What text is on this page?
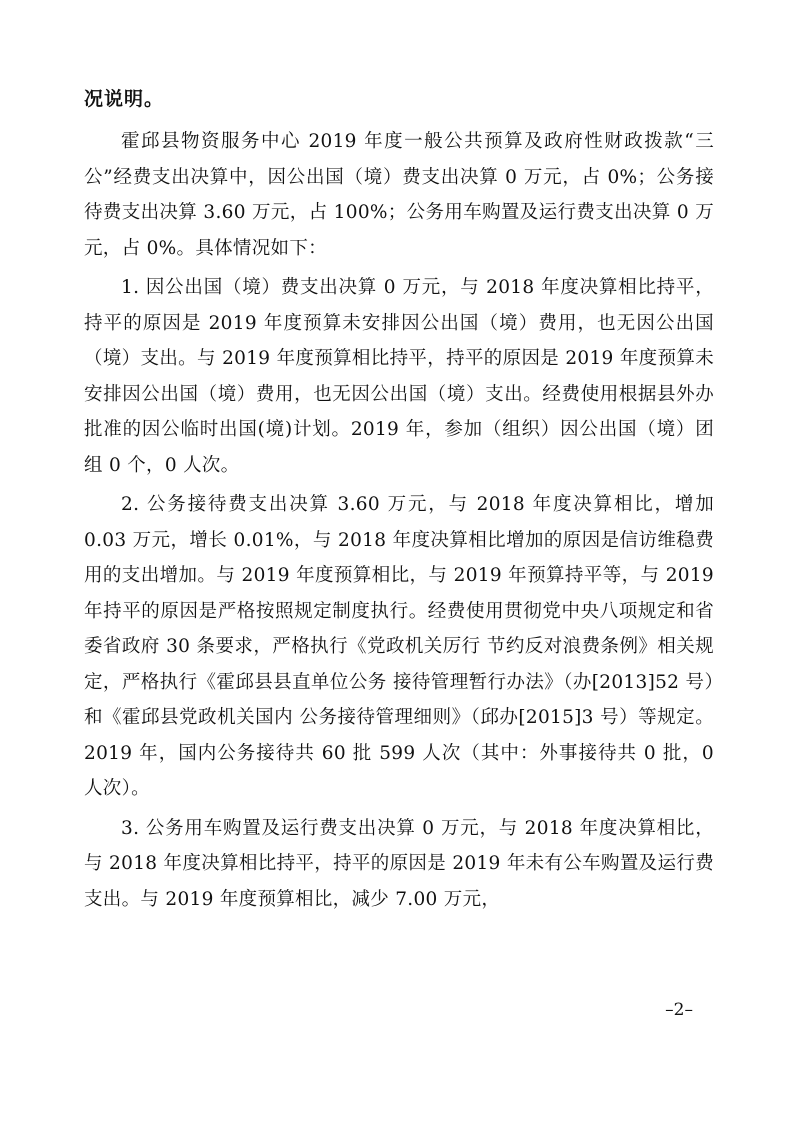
况说明。

霍邱县物资服务中心 2019 年度一般公共预算及政府性财政拨款“三公”经费支出决算中，因公出国（境）费支出决算 0 万元，占 0%；公务接待费支出决算 3.60 万元，占 100%；公务用车购置及运行费支出决算 0 万元，占 0%。具体情况如下：

1. 因公出国（境）费支出决算 0 万元，与 2018 年度决算相比持平，持平的原因是 2019 年度预算未安排因公出国（境）费用，也无因公出国（境）支出。与 2019 年度预算相比持平，持平的原因是 2019 年度预算未安排因公出国（境）费用，也无因公出国（境）支出。经费使用根据县外办批准的因公临时出国(境)计划。2019 年，参加（组织）因公出国（境）团组 0 个，0 人次。

2. 公务接待费支出决算 3.60 万元，与 2018 年度决算相比，增加 0.03 万元，增长 0.01%，与 2018 年度决算相比增加的原因是信访维稳费用的支出增加。与 2019 年度预算相比，与 2019 年预算持平等，与 2019 年持平的原因是严格按照规定制度执行。经费使用贯彻党中央八项规定和省委省政府 30 条要求，严格执行《党政机关厉行 节约反对浪费条例》相关规定，严格执行《霍邱县县直单位公务 接待管理暂行办法》（办[2013]52 号）和《霍邱县党政机关国内 公务接待管理细则》（邱办[2015]3 号）等规定。2019 年，国内公务接待共 60 批 599 人次（其中：外事接待共 0 批，0 人次）。

3. 公务用车购置及运行费支出决算 0 万元，与 2018 年度决算相比，与 2018 年度决算相比持平，持平的原因是 2019 年未有公车购置及运行费支出。与 2019 年度预算相比，减少 7.00 万元，

–2–
